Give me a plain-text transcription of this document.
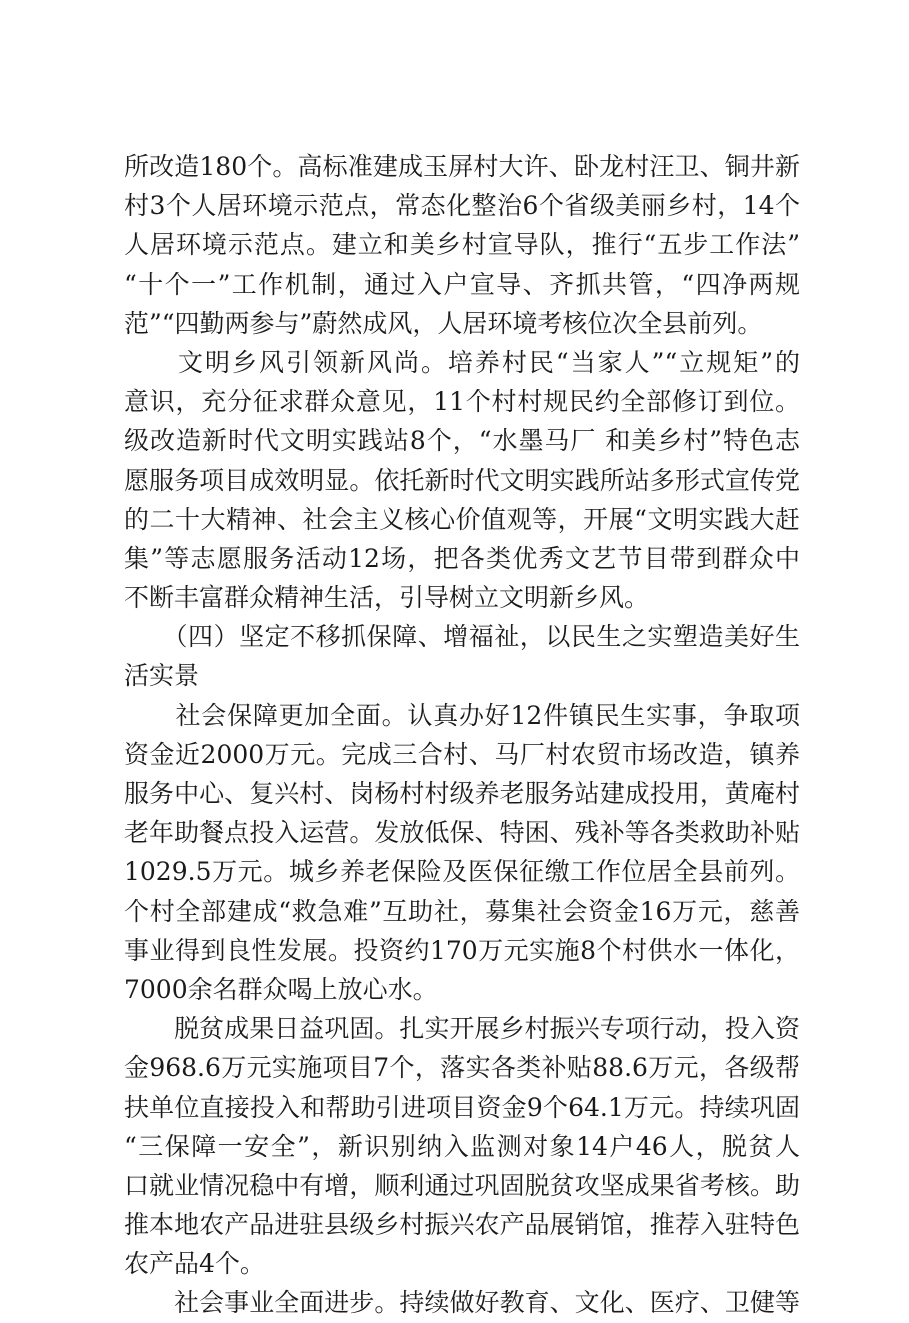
所改造180个。高标准建成玉屏村大许、卧龙村汪卫、铜井新
村3个人居环境示范点，常态化整治6个省级美丽乡村，14个
人居环境示范点。建立和美乡村宣导队，推行“五步工作法”
“十个一”工作机制，通过入户宣导、齐抓共管，“四净两规
范”“四勤两参与”蔚然成风，人居环境考核位次全县前列。
　　文明乡风引领新风尚。培养村民“当家人”“立规矩”的
意识，充分征求群众意见，11个村村规民约全部修订到位。
级改造新时代文明实践站8个，“水墨马厂 和美乡村”特色志
愿服务项目成效明显。依托新时代文明实践所站多形式宣传党
的二十大精神、社会主义核心价值观等，开展“文明实践大赶
集”等志愿服务活动12场，把各类优秀文艺节目带到群众中
不断丰富群众精神生活，引导树立文明新乡风。
　　（四）坚定不移抓保障、增福祉，以民生之实塑造美好生
活实景
　　社会保障更加全面。认真办好12件镇民生实事，争取项
资金近2000万元。完成三合村、马厂村农贸市场改造，镇养
服务中心、复兴村、岗杨村村级养老服务站建成投用，黄庵村
老年助餐点投入运营。发放低保、特困、残补等各类救助补贴
1029.5万元。城乡养老保险及医保征缴工作位居全县前列。
个村全部建成“救急难”互助社，募集社会资金16万元，慈善
事业得到良性发展。投资约170万元实施8个村供水一体化，
7000余名群众喝上放心水。
　　脱贫成果日益巩固。扎实开展乡村振兴专项行动，投入资
金968.6万元实施项目7个，落实各类补贴88.6万元，各级帮
扶单位直接投入和帮助引进项目资金9个64.1万元。持续巩固
“三保障一安全”，新识别纳入监测对象14户46人，脱贫人
口就业情况稳中有增，顺利通过巩固脱贫攻坚成果省考核。助
推本地农产品进驻县级乡村振兴农产品展销馆，推荐入驻特色
农产品4个。
　　社会事业全面进步。持续做好教育、文化、医疗、卫健等
